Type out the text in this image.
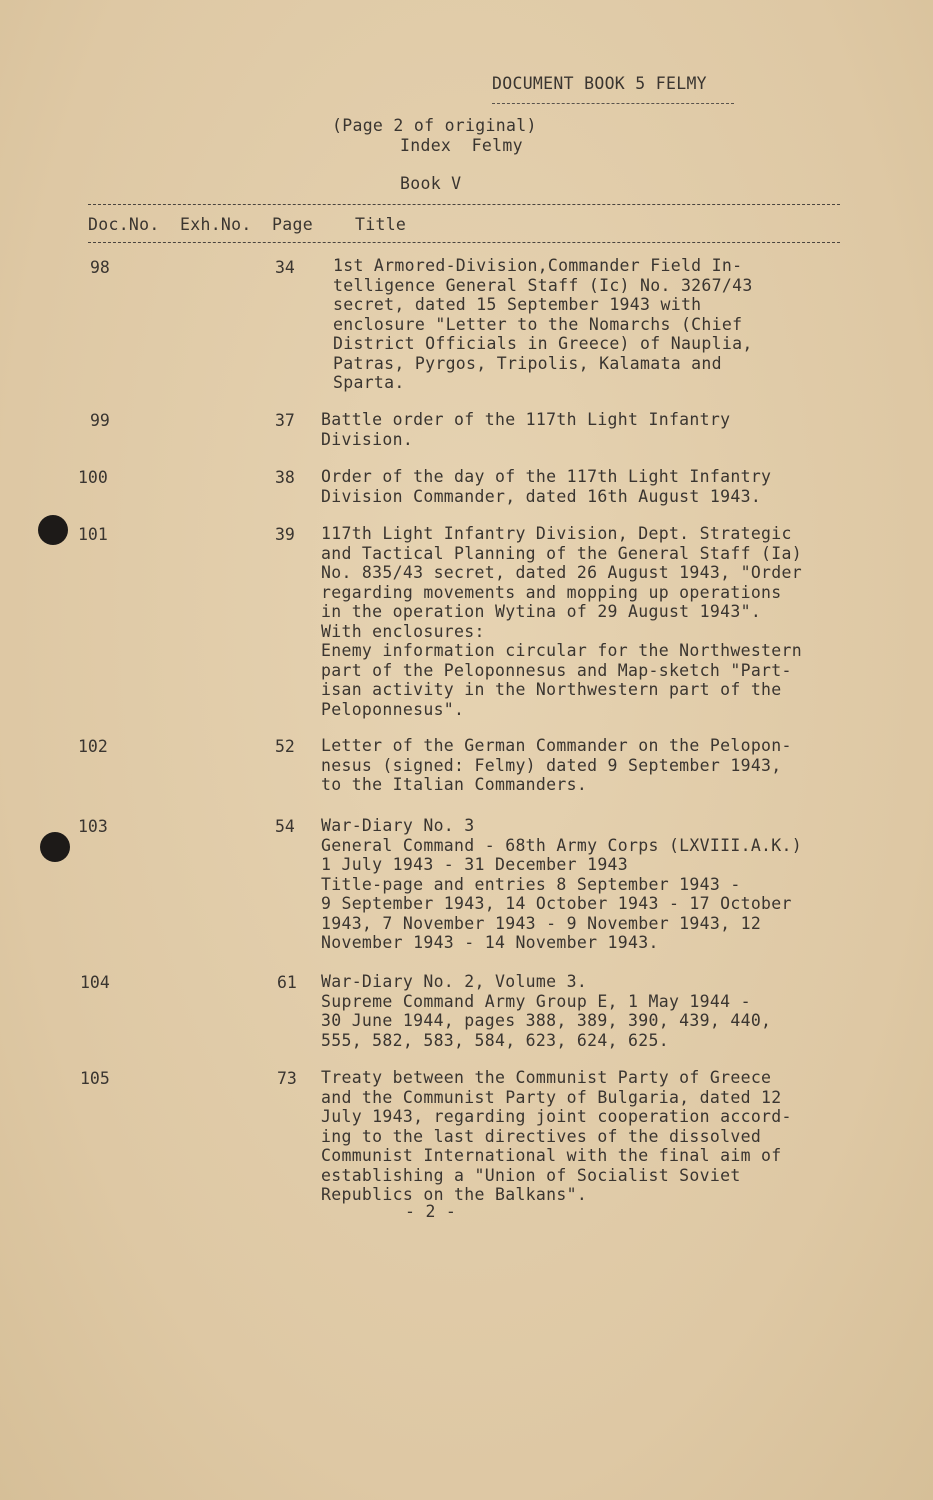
DOCUMENT BOOK 5 FELMY
(Page 2 of original)
Index  Felmy
Book V
Doc.No. Exh.No. Page	Title
98	34 1st Armored-Division,Commander Field In-
telligence General Staff (Ic) No. 3267/43
secret, dated 15 September 1943 with
enclosure "Letter to the Nomarchs (Chief
District Officials in Greece) of Nauplia,
Patras, Pyrgos, Tripolis, Kalamata and
Sparta.
99	37 Battle order of the 117th Light Infantry
Division.
100	38 Order of the day of the 117th Light Infantry
Division Commander, dated 16th August 1943.
101	39 117th Light Infantry Division, Dept. Strategic
and Tactical Planning of the General Staff (Ia)
No. 835/43 secret, dated 26 August 1943, "Order
regarding movements and mopping up operations
in the operation Wytina of 29 August 1943".
With enclosures:
Enemy information circular for the Northwestern
part of the Peloponnesus and Map-sketch "Part-
isan activity in the Northwestern part of the
Peloponnesus".
102	52 Letter of the German Commander on the Pelopon-
nesus (signed: Felmy) dated 9 September 1943,
to the Italian Commanders.
103	54 War-Diary No. 3
General Command - 68th Army Corps (LXVIII.A.K.)
1 July 1943 - 31 December 1943
Title-page and entries 8 September 1943 -
9 September 1943, 14 October 1943 - 17 October
1943, 7 November 1943 - 9 November 1943, 12
November 1943 - 14 November 1943.
104	61 War-Diary No. 2, Volume 3.
Supreme Command Army Group E, 1 May 1944 -
30 June 1944, pages 388, 389, 390, 439, 440,
555, 582, 583, 584, 623, 624, 625.
105	73 Treaty between the Communist Party of Greece
and the Communist Party of Bulgaria, dated 12
July 1943, regarding joint cooperation accord-
ing to the last directives of the dissolved
Communist International with the final aim of
establishing a "Union of Socialist Soviet
Republics on the Balkans".
- 2 -
